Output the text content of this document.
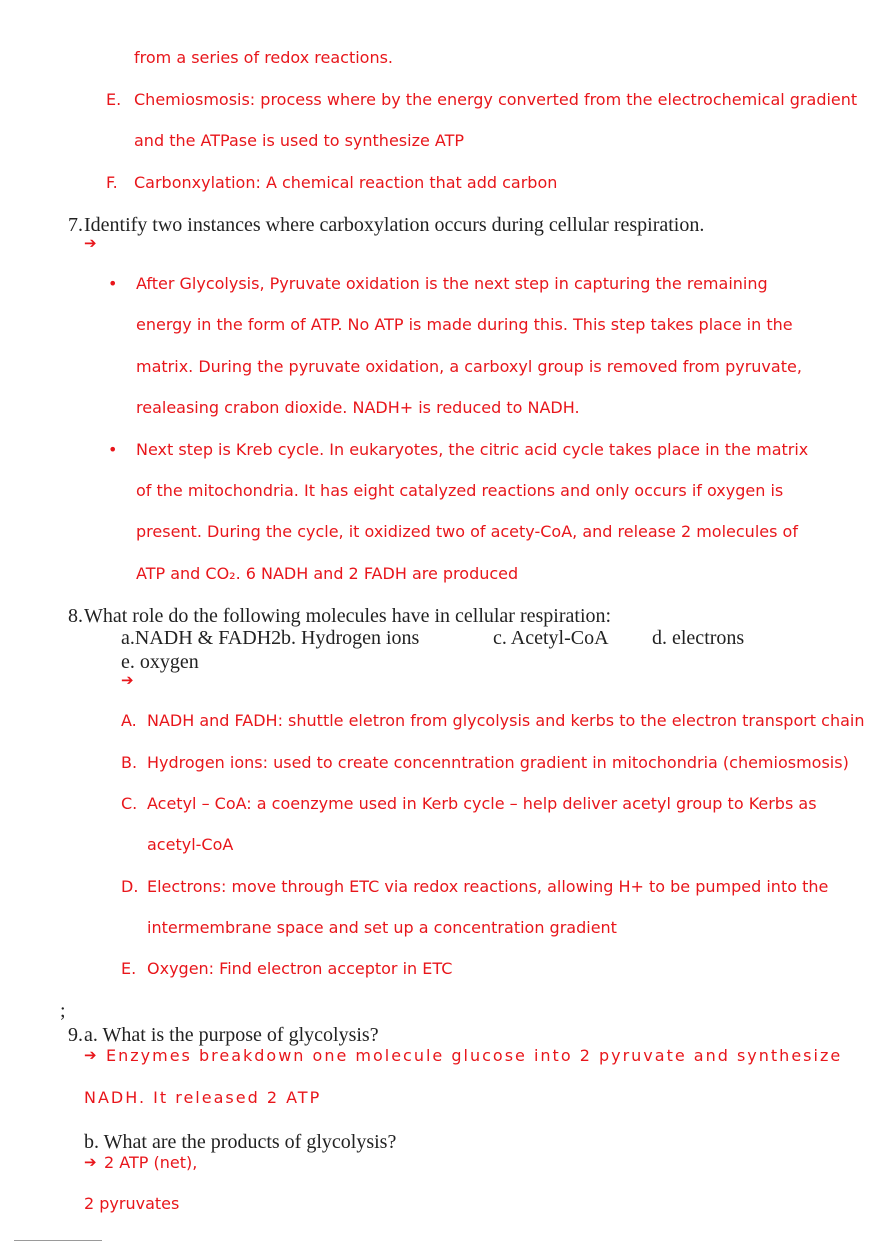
from a series of redox reactions.
E. Chemiosmosis: process where by the energy converted from the electrochemical gradient
and the ATPase is used to synthesize ATP
F. Carbonxylation: A chemical reaction that add carbon
7. Identify two instances where carboxylation occurs during cellular respiration.
➔
• After Glycolysis, Pyruvate oxidation is the next step in capturing the remaining
energy in the form of ATP. No ATP is made during this. This step takes place in the
matrix. During the pyruvate oxidation, a carboxyl group is removed from pyruvate,
realeasing crabon dioxide. NADH+ is reduced to NADH.
• Next step is Kreb cycle. In eukaryotes, the citric acid cycle takes place in the matrix
of the mitochondria. It has eight catalyzed reactions and only occurs if oxygen is
present. During the cycle, it oxidized two of acety-CoA, and release 2 molecules of
ATP and CO₂. 6 NADH and 2 FADH are produced
8. What role do the following molecules have in cellular respiration:
a.NADH & FADH2 b. Hydrogen ions	c. Acetyl-CoA d. electrons
e. oxygen
➔
A. NADH and FADH: shuttle eletron from glycolysis and kerbs to the electron transport chain
B. Hydrogen ions: used to create concenntration gradient in mitochondria (chemiosmosis)
C. Acetyl – CoA: a coenzyme used in Kerb cycle – help deliver acetyl group to Kerbs as
acetyl-CoA
D. Electrons: move through ETC via redox reactions, allowing H+ to be pumped into the
intermembrane space and set up a concentration gradient
E. Oxygen: Find electron acceptor in ETC
;
9. a. What is the purpose of glycolysis?
➔ Enzymes breakdown one molecule glucose into 2 pyruvate and synthesize
NADH. It released 2 ATP
b. What are the products of glycolysis?
➔ 2 ATP (net),
2 pyruvates
